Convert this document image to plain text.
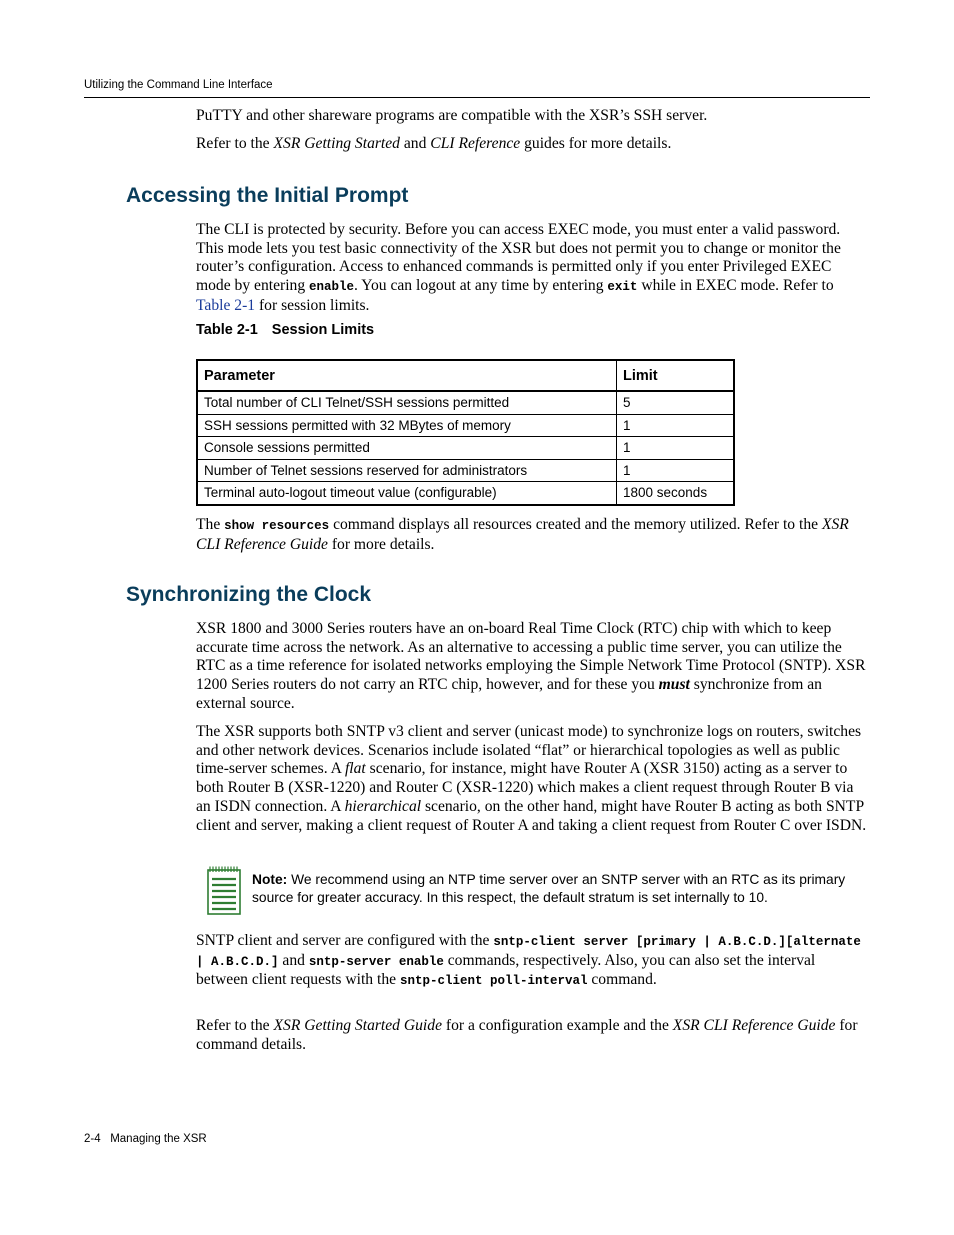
Utilizing the Command Line Interface

PuTTY and other shareware programs are compatible with the XSR’s SSH server.

Refer to the XSR Getting Started and CLI Reference guides for more details.

Accessing the Initial Prompt

The CLI is protected by security. Before you can access EXEC mode, you must enter a valid password. This mode lets you test basic connectivity of the XSR but does not permit you to change or monitor the router’s configuration. Access to enhanced commands is permitted only if you enter Privileged EXEC mode by entering enable. You can logout at any time by entering exit while in EXEC mode. Refer to Table 2-1 for session limits.

Table 2-1 Session Limits
Parameter	Limit
Total number of CLI Telnet/SSH sessions permitted	5
SSH sessions permitted with 32 MBytes of memory	1
Console sessions permitted	1
Number of Telnet sessions reserved for administrators	1
Terminal auto-logout timeout value (configurable)	1800 seconds

The show resources command displays all resources created and the memory utilized. Refer to the XSR CLI Reference Guide for more details.

Synchronizing the Clock

XSR 1800 and 3000 Series routers have an on-board Real Time Clock (RTC) chip with which to keep accurate time across the network. As an alternative to accessing a public time server, you can utilize the RTC as a time reference for isolated networks employing the Simple Network Time Protocol (SNTP). XSR 1200 Series routers do not carry an RTC chip, however, and for these you must synchronize from an external source.

The XSR supports both SNTP v3 client and server (unicast mode) to synchronize logs on routers, switches and other network devices. Scenarios include isolated “flat” or hierarchical topologies as well as public time-server schemes. A flat scenario, for instance, might have Router A (XSR 3150) acting as a server to both Router B (XSR-1220) and Router C (XSR-1220) which makes a client request through Router B via an ISDN connection. A hierarchical scenario, on the other hand, might have Router B acting as both SNTP client and server, making a client request of Router A and taking a client request from Router C over ISDN.

Note: We recommend using an NTP time server over an SNTP server with an RTC as its primary source for greater accuracy. In this respect, the default stratum is set internally to 10.

SNTP client and server are configured with the sntp-client server [primary | A.B.C.D.][alternate | A.B.C.D.] and sntp-server enable commands, respectively. Also, you can also set the interval between client requests with the sntp-client poll-interval command.

Refer to the XSR Getting Started Guide for a configuration example and the XSR CLI Reference Guide for command details.

2-4   Managing the XSR
